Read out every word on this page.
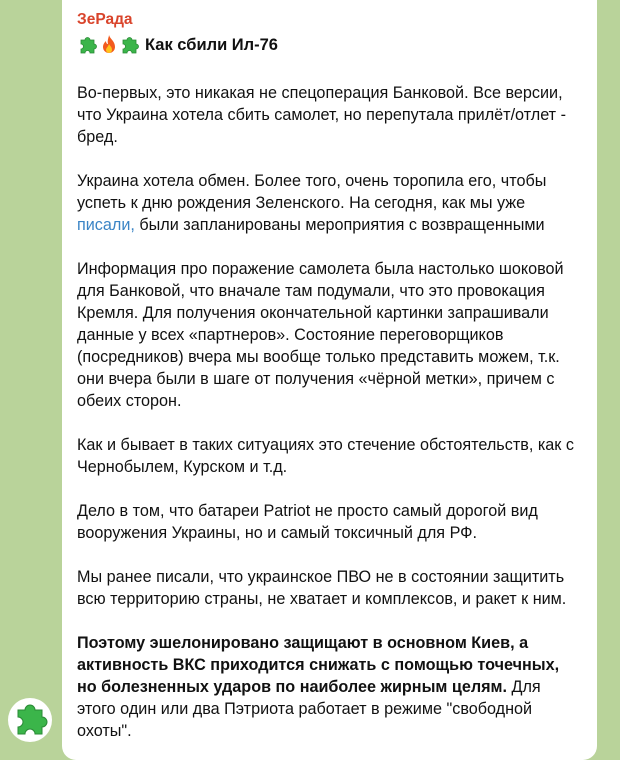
ЗеРада
Как сбили Ил-76
Во-первых, это никакая не спецоперация Банковой. Все версии, что Украина хотела сбить самолет, но перепутала прилёт/отлет - бред.
Украина хотела обмен. Более того, очень торопила его, чтобы успеть к дню рождения Зеленского. На сегодня, как мы уже писали, были запланированы мероприятия с возвращенными
Информация про поражение самолета была настолько шоковой для Банковой, что вначале там подумали, что это провокация Кремля. Для получения окончательной картинки запрашивали данные у всех «партнеров». Состояние переговорщиков (посредников) вчера мы вообще только представить можем, т.к. они вчера были в шаге от получения «чёрной метки», причем с обеих сторон.
Как и бывает в таких ситуациях это стечение обстоятельств, как с Чернобылем, Курском и т.д.
Дело в том, что батареи Patriot не просто самый дорогой вид вооружения Украины, но и самый токсичный для РФ.
Мы ранее писали, что украинское ПВО не в состоянии защитить всю территорию страны, не хватает и комплексов, и ракет к ним.
Поэтому эшелонировано защищают в основном Киев, а активность ВКС приходится снижать с помощью точечных, но болезненных ударов по наиболее жирным целям. Для этого один или два Пэтриота работает в режиме "свободной охоты".
